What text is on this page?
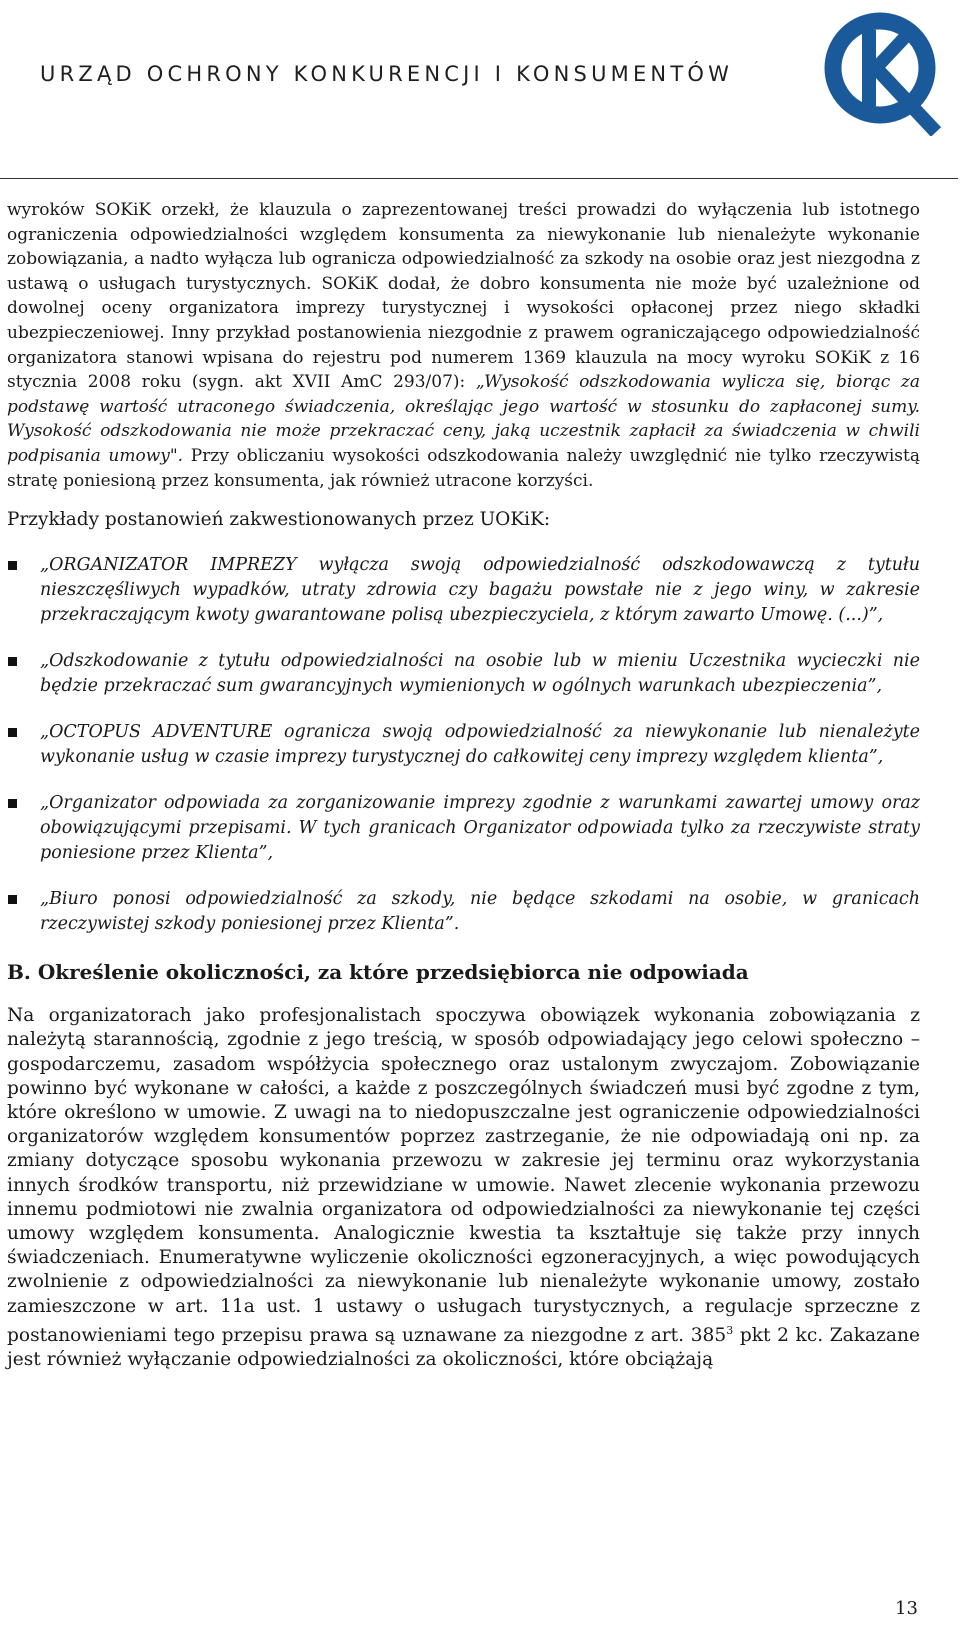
URZĄD OCHRONY KONKURENCJI I KONSUMENTÓW

wyroków SOKiK orzekł, że klauzula o zaprezentowanej treści prowadzi do wyłączenia lub istotnego ograniczenia odpowiedzialności względem konsumenta za niewykonanie lub nienależyte wykonanie zobowiązania, a nadto wyłącza lub ogranicza odpowiedzialność za szkody na osobie oraz jest niezgodna z ustawą o usługach turystycznych. SOKiK dodał, że dobro konsumenta nie może być uzależnione od dowolnej oceny organizatora imprezy turystycznej i wysokości opłaconej przez niego składki ubezpieczeniowej. Inny przykład postanowienia niezgodnie z prawem ograniczającego odpowiedzialność organizatora stanowi wpisana do rejestru pod numerem 1369 klauzula na mocy wyroku SOKiK z 16 stycznia 2008 roku (sygn. akt XVII AmC 293/07): „Wysokość odszkodowania wylicza się, biorąc za podstawę wartość utraconego świadczenia, określając jego wartość w stosunku do zapłaconej sumy. Wysokość odszkodowania nie może przekraczać ceny, jaką uczestnik zapłacił za świadczenia w chwili podpisania umowy". Przy obliczaniu wysokości odszkodowania należy uwzględnić nie tylko rzeczywistą stratę poniesioną przez konsumenta, jak również utracone korzyści.

Przykłady postanowień zakwestionowanych przez UOKiK:

„ORGANIZATOR IMPREZY wyłącza swoją odpowiedzialność odszkodowawczą z tytułu nieszczęśliwych wypadków, utraty zdrowia czy bagażu powstałe nie z jego winy, w zakresie przekraczającym kwoty gwarantowane polisą ubezpieczyciela, z którym zawarto Umowę. (...)”,
„Odszkodowanie z tytułu odpowiedzialności na osobie lub w mieniu Uczestnika wycieczki nie będzie przekraczać sum gwarancyjnych wymienionych w ogólnych warunkach ubezpieczenia”,
„OCTOPUS ADVENTURE ogranicza swoją odpowiedzialność za niewykonanie lub nienależyte wykonanie usług w czasie imprezy turystycznej do całkowitej ceny imprezy względem klienta”,
„Organizator odpowiada za zorganizowanie imprezy zgodnie z warunkami zawartej umowy oraz obowiązującymi przepisami. W tych granicach Organizator odpowiada tylko za rzeczywiste straty poniesione przez Klienta”,
„Biuro ponosi odpowiedzialność za szkody, nie będące szkodami na osobie, w granicach rzeczywistej szkody poniesionej przez Klienta”.
B. Określenie okoliczności, za które przedsiębiorca nie odpowiada

Na organizatorach jako profesjonalistach spoczywa obowiązek wykonania zobowiązania z należytą starannością, zgodnie z jego treścią, w sposób odpowiadający jego celowi społeczno – gospodarczemu, zasadom współżycia społecznego oraz ustalonym zwyczajom. Zobowiązanie powinno być wykonane w całości, a każde z poszczególnych świadczeń musi być zgodne z tym, które określono w umowie. Z uwagi na to niedopuszczalne jest ograniczenie odpowiedzialności organizatorów względem konsumentów poprzez zastrzeganie, że nie odpowiadają oni np. za zmiany dotyczące sposobu wykonania przewozu w zakresie jej terminu oraz wykorzystania innych środków transportu, niż przewidziane w umowie. Nawet zlecenie wykonania przewozu innemu podmiotowi nie zwalnia organizatora od odpowiedzialności za niewykonanie tej części umowy względem konsumenta. Analogicznie kwestia ta kształtuje się także przy innych świadczeniach. Enumeratywne wyliczenie okoliczności egzoneracyjnych, a więc powodujących zwolnienie z odpowiedzialności za niewykonanie lub nienależyte wykonanie umowy, zostało zamieszczone w art. 11a ust. 1 ustawy o usługach turystycznych, a regulacje sprzeczne z postanowieniami tego przepisu prawa są uznawane za niezgodne z art. $385^3$ pkt 2 kc. Zakazane jest również wyłączanie odpowiedzialności za okoliczności, które obciążają

13
